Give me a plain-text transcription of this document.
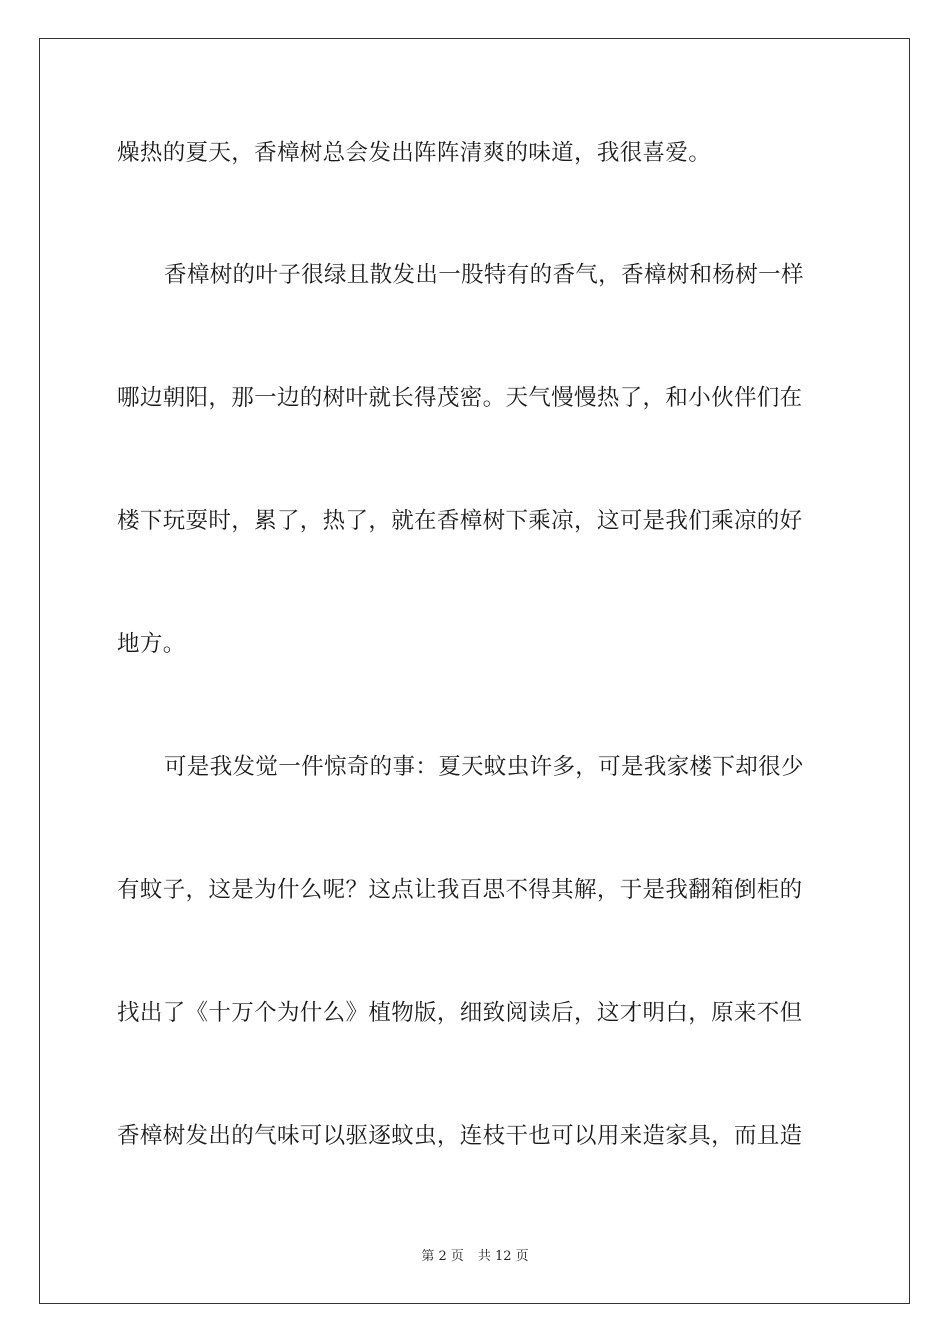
燥热的夏天，香樟树总会发出阵阵清爽的味道，我很喜爱。
香樟树的叶子很绿且散发出一股特有的香气，香樟树和杨树一样
哪边朝阳，那一边的树叶就长得茂密。天气慢慢热了，和小伙伴们在
楼下玩耍时，累了，热了，就在香樟树下乘凉，这可是我们乘凉的好
地方。
可是我发觉一件惊奇的事：夏天蚊虫许多，可是我家楼下却很少
有蚊子，这是为什么呢？这点让我百思不得其解，于是我翻箱倒柜的
找出了《十万个为什么》植物版，细致阅读后，这才明白，原来不但
香樟树发出的气味可以驱逐蚊虫，连枝干也可以用来造家具，而且造
第 2 页 共 12 页
